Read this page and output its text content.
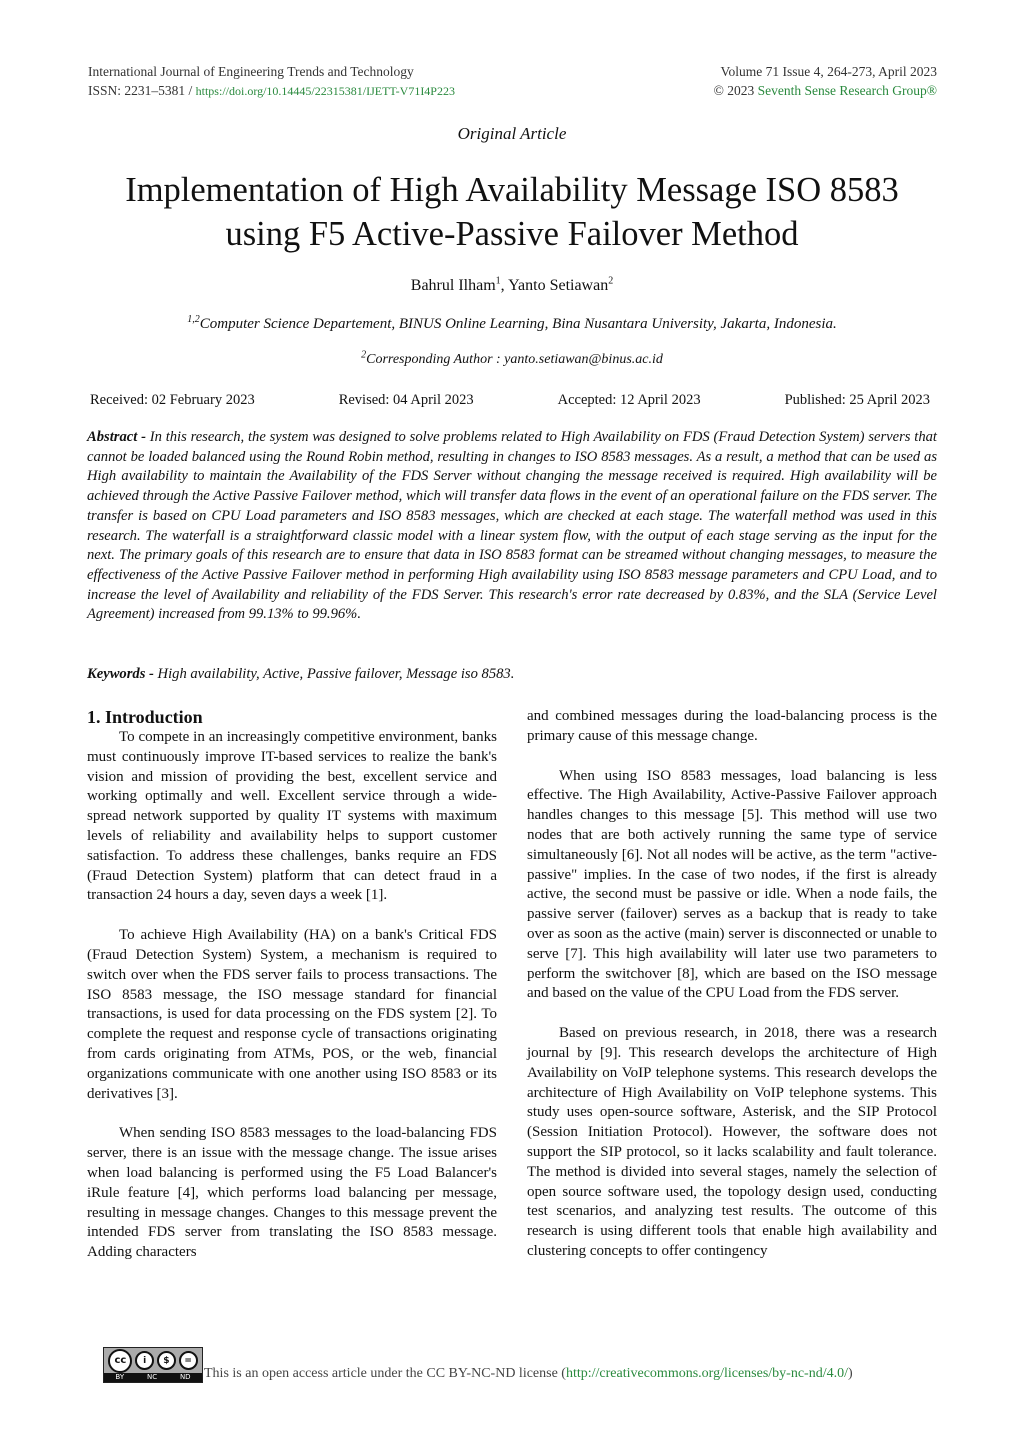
International Journal of Engineering Trends and Technology
ISSN: 2231–5381 / https://doi.org/10.14445/22315381/IJETT-V71I4P223
Volume 71 Issue 4, 264-273, April 2023
© 2023 Seventh Sense Research Group®
Original Article
Implementation of High Availability Message ISO 8583 using F5 Active-Passive Failover Method
Bahrul Ilham$^1$, Yanto Setiawan$^2$
$^{1,2}$Computer Science Departement, BINUS Online Learning, Bina Nusantara University, Jakarta, Indonesia.
$^2$Corresponding Author : yanto.setiawan@binus.ac.id
Received: 02 February 2023	Revised: 04 April 2023	Accepted: 12 April 2023	Published: 25 April 2023

Abstract - In this research, the system was designed to solve problems related to High Availability on FDS (Fraud Detection System) servers that cannot be loaded balanced using the Round Robin method, resulting in changes to ISO 8583 messages. As a result, a method that can be used as High availability to maintain the Availability of the FDS Server without changing the message received is required. High availability will be achieved through the Active Passive Failover method, which will transfer data flows in the event of an operational failure on the FDS server. The transfer is based on CPU Load parameters and ISO 8583 messages, which are checked at each stage. The waterfall method was used in this research. The waterfall is a straightforward classic model with a linear system flow, with the output of each stage serving as the input for the next. The primary goals of this research are to ensure that data in ISO 8583 format can be streamed without changing messages, to measure the effectiveness of the Active Passive Failover method in performing High availability using ISO 8583 message parameters and CPU Load, and to increase the level of Availability and reliability of the FDS Server. This research's error rate decreased by 0.83%, and the SLA (Service Level Agreement) increased from 99.13% to 99.96%.

Keywords - High availability, Active, Passive failover, Message iso 8583.
1. Introduction

To compete in an increasingly competitive environment, banks must continuously improve IT-based services to realize the bank's vision and mission of providing the best, excellent service and working optimally and well. Excellent service through a wide-spread network supported by quality IT systems with maximum levels of reliability and availability helps to support customer satisfaction. To address these challenges, banks require an FDS (Fraud Detection System) platform that can detect fraud in a transaction 24 hours a day, seven days a week [1].

To achieve High Availability (HA) on a bank's Critical FDS (Fraud Detection System) System, a mechanism is required to switch over when the FDS server fails to process transactions. The ISO 8583 message, the ISO message standard for financial transactions, is used for data processing on the FDS system [2]. To complete the request and response cycle of transactions originating from cards originating from ATMs, POS, or the web, financial organizations communicate with one another using ISO 8583 or its derivatives [3].

When sending ISO 8583 messages to the load-balancing FDS server, there is an issue with the message change. The issue arises when load balancing is performed using the F5 Load Balancer's iRule feature [4], which performs load balancing per message, resulting in message changes. Changes to this message prevent the intended FDS server from translating the ISO 8583 message. Adding characters

and combined messages during the load-balancing process is the primary cause of this message change.

When using ISO 8583 messages, load balancing is less effective. The High Availability, Active-Passive Failover approach handles changes to this message [5]. This method will use two nodes that are both actively running the same type of service simultaneously [6]. Not all nodes will be active, as the term "active-passive" implies. In the case of two nodes, if the first is already active, the second must be passive or idle. When a node fails, the passive server (failover) serves as a backup that is ready to take over as soon as the active (main) server is disconnected or unable to serve [7]. This high availability will later use two parameters to perform the switchover [8], which are based on the ISO message and based on the value of the CPU Load from the FDS server.

Based on previous research, in 2018, there was a research journal by [9]. This research develops the architecture of High Availability on VoIP telephone systems. This research develops the architecture of High Availability on VoIP telephone systems. This study uses open-source software, Asterisk, and the SIP Protocol (Session Initiation Protocol). However, the software does not support the SIP protocol, so it lacks scalability and fault tolerance. The method is divided into several stages, namely the selection of open source software used, the topology design used, conducting test scenarios, and analyzing test results. The outcome of this research is using different tools that enable high availability and clustering concepts to offer contingency

cc	i	$	=
BY	NC	ND This is an open access article under the CC BY-NC-ND license (http://creativecommons.org/licenses/by-nc-nd/4.0/)
